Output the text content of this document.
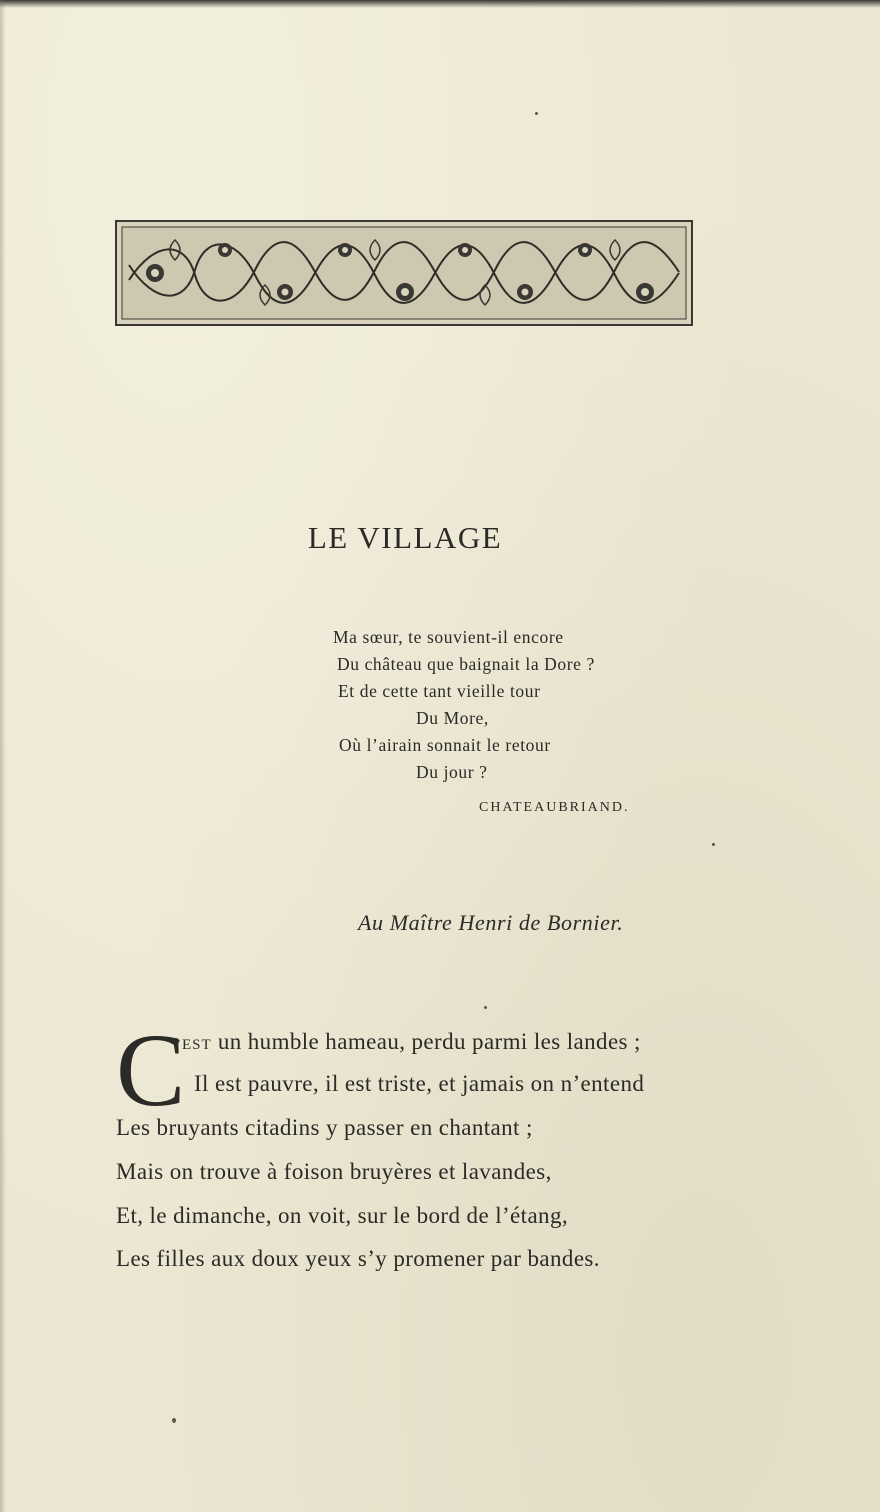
LE VILLAGE
Ma sœur, te souvient-il encore
Du château que baignait la Dore ?
Et de cette tant vieille tour
Du More,
Où l’airain sonnait le retour
Du jour ?
CHATEAUBRIAND.
Au Maître Henri de Bornier.
C
’EST un humble hameau, perdu parmi les landes ;
Il est pauvre, il est triste, et jamais on n’entend
Les bruyants citadins y passer en chantant ;
Mais on trouve à foison bruyères et lavandes,
Et, le dimanche, on voit, sur le bord de l’étang,
Les filles aux doux yeux s’y promener par bandes.
